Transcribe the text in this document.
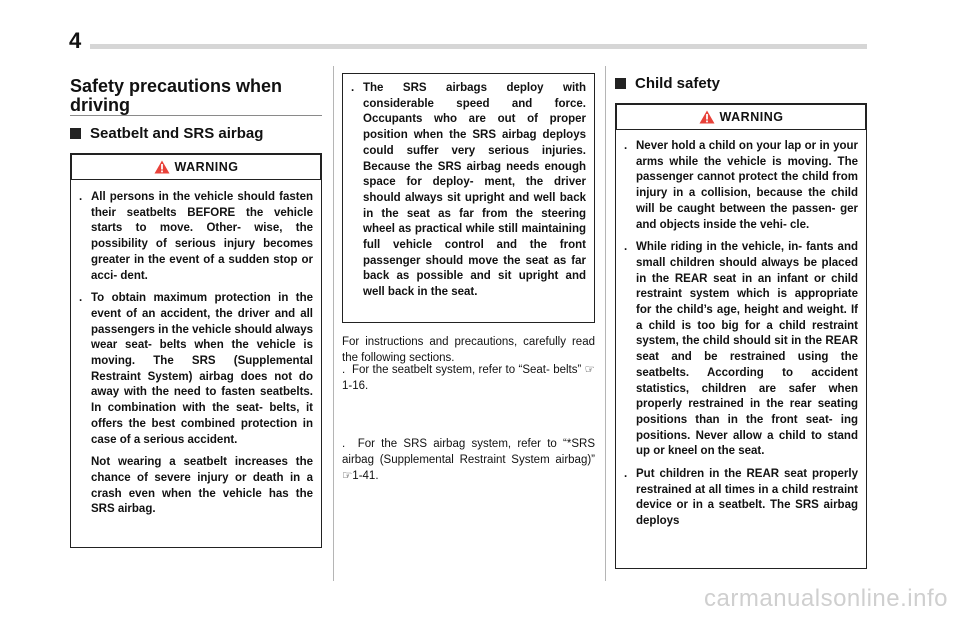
4
Safety precautions when driving
Seatbelt and SRS airbag
WARNING
. All persons in the vehicle should fasten their seatbelts BEFORE the vehicle starts to move. Other- wise, the possibility of serious injury becomes greater in the event of a sudden stop or acci- dent.
. To obtain maximum protection in the event of an accident, the driver and all passengers in the vehicle should always wear seat- belts when the vehicle is moving. The SRS (Supplemental Restraint System) airbag does not do away with the need to fasten seatbelts. In combination with the seat- belts, it offers the best combined protection in case of a serious accident.
Not wearing a seatbelt increases the chance of severe injury or death in a crash even when the vehicle has the SRS airbag.
. The SRS airbags deploy with considerable speed and force. Occupants who are out of proper position when the SRS airbag deploys could suffer very serious injuries. Because the SRS airbag needs enough space for deploy- ment, the driver should always sit upright and well back in the seat as far from the steering wheel as practical while still maintaining full vehicle control and the front passenger should move the seat as far back as possible and sit upright and well back in the seat.
For instructions and precautions, carefully read the following sections.
. For the seatbelt system, refer to “Seat- belts” ☞1-16.
. For the SRS airbag system, refer to “*SRS airbag (Supplemental Restraint System airbag)” ☞1-41.
Child safety
WARNING
. Never hold a child on your lap or in your arms while the vehicle is moving. The passenger cannot protect the child from injury in a collision, because the child will be caught between the passen- ger and objects inside the vehi- cle.
. While riding in the vehicle, in- fants and small children should always be placed in the REAR seat in an infant or child restraint system which is appropriate for the child’s age, height and weight. If a child is too big for a child restraint system, the child should sit in the REAR seat and be restrained using the seatbelts. According to accident statistics, children are safer when properly restrained in the rear seating positions than in the front seat- ing positions. Never allow a child to stand up or kneel on the seat.
. Put children in the REAR seat properly restrained at all times in a child restraint device or in a seatbelt. The SRS airbag deploys
carmanualsonline.info
